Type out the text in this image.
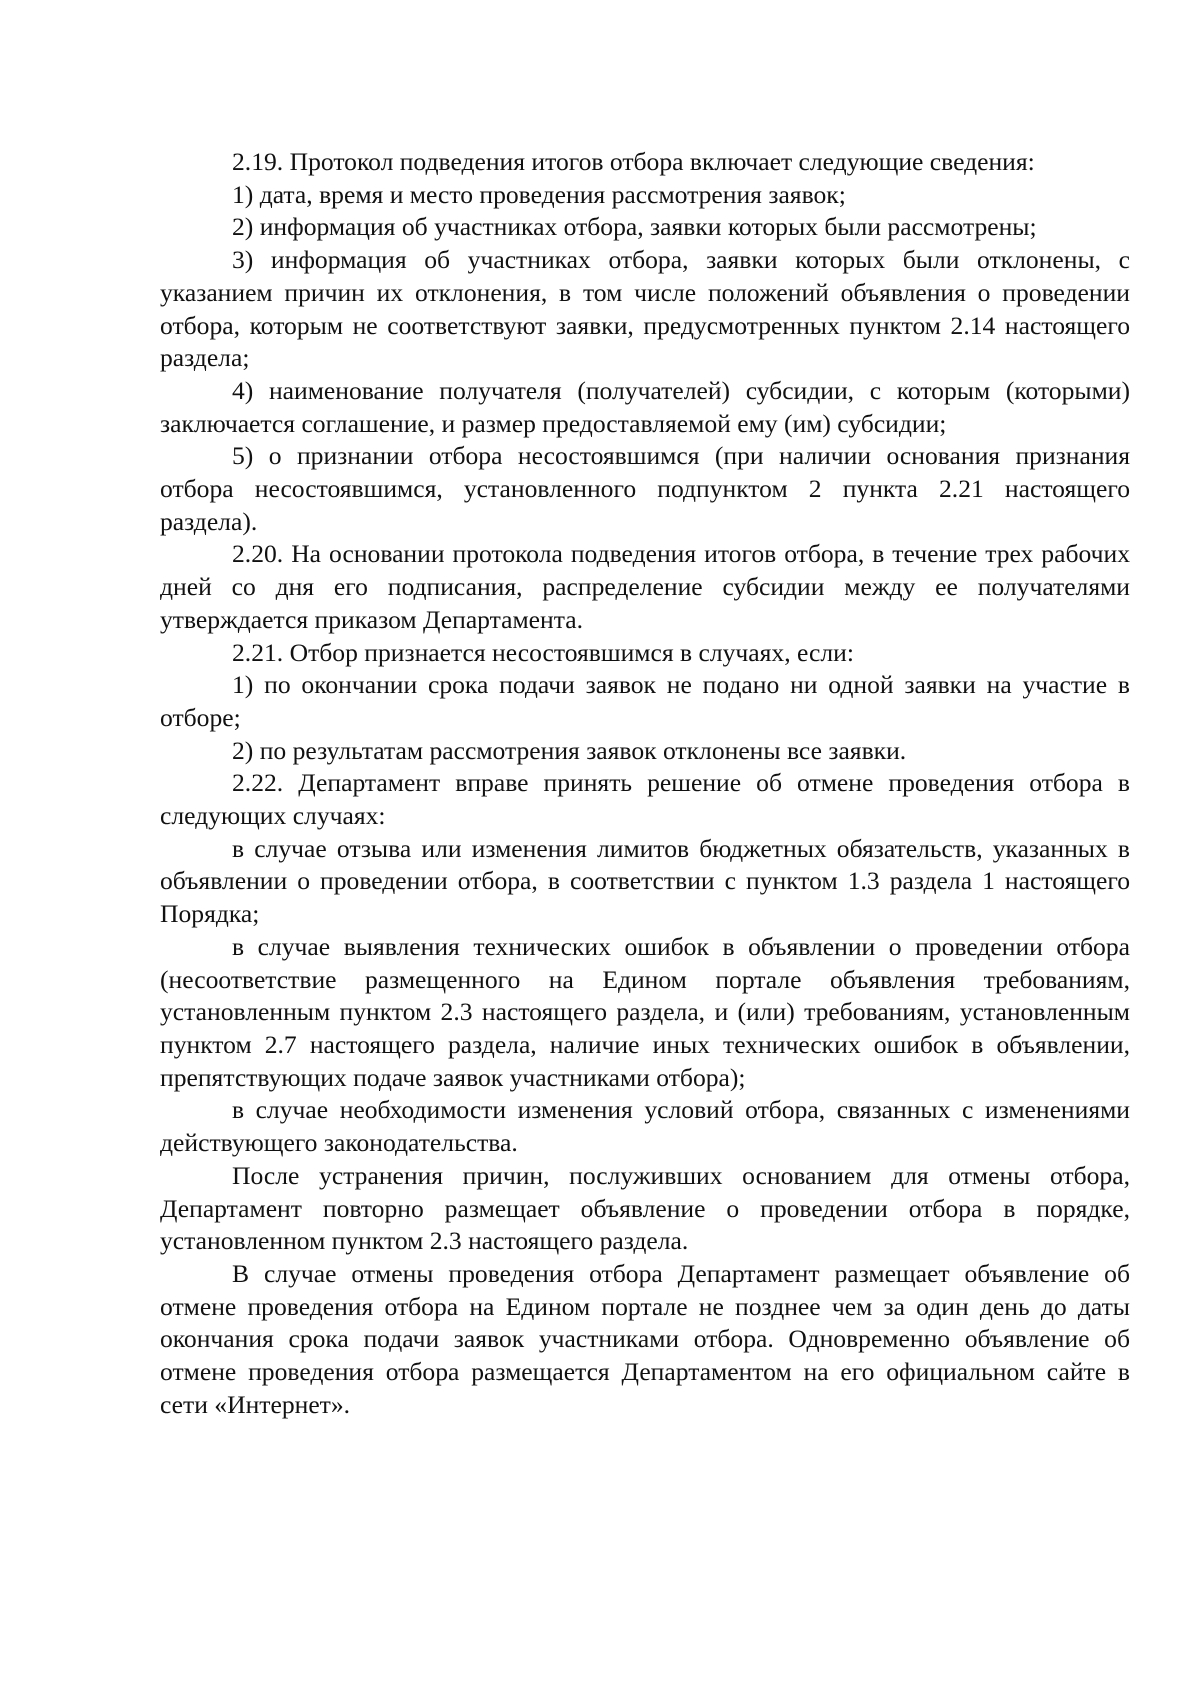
2.19. Протокол подведения итогов отбора включает следующие сведения:

1) дата, время и место проведения рассмотрения заявок;

2) информация об участниках отбора, заявки которых были рассмотрены;

3) информация об участниках отбора, заявки которых были отклонены, с указанием причин их отклонения, в том числе положений объявления о проведении отбора, которым не соответствуют заявки, предусмотренных пунктом 2.14 настоящего раздела;

4) наименование получателя (получателей) субсидии, с которым (которыми) заключается соглашение, и размер предоставляемой ему (им) субсидии;

5) о признании отбора несостоявшимся (при наличии основания признания отбора несостоявшимся, установленного подпунктом 2 пункта 2.21 настоящего раздела).

2.20. На основании протокола подведения итогов отбора, в течение трех рабочих дней со дня его подписания, распределение субсидии между ее получателями утверждается приказом Департамента.

2.21. Отбор признается несостоявшимся в случаях, если:

1) по окончании срока подачи заявок не подано ни одной заявки на участие в отборе;

2) по результатам рассмотрения заявок отклонены все заявки.

2.22. Департамент вправе принять решение об отмене проведения отбора в следующих случаях:

в случае отзыва или изменения лимитов бюджетных обязательств, указанных в объявлении о проведении отбора, в соответствии с пунктом 1.3 раздела 1 настоящего Порядка;

в случае выявления технических ошибок в объявлении о проведении отбора (несоответствие размещенного на Едином портале объявления требованиям, установленным пунктом 2.3 настоящего раздела, и (или) требованиям, установленным пунктом 2.7 настоящего раздела, наличие иных технических ошибок в объявлении, препятствующих подаче заявок участниками отбора);

в случае необходимости изменения условий отбора, связанных с изменениями действующего законодательства.

После устранения причин, послуживших основанием для отмены отбора, Департамент повторно размещает объявление о проведении отбора в порядке, установленном пунктом 2.3 настоящего раздела.

В случае отмены проведения отбора Департамент размещает объявление об отмене проведения отбора на Едином портале не позднее чем за один день до даты окончания срока подачи заявок участниками отбора. Одновременно объявление об отмене проведения отбора размещается Департаментом на его официальном сайте в сети «Интернет».
